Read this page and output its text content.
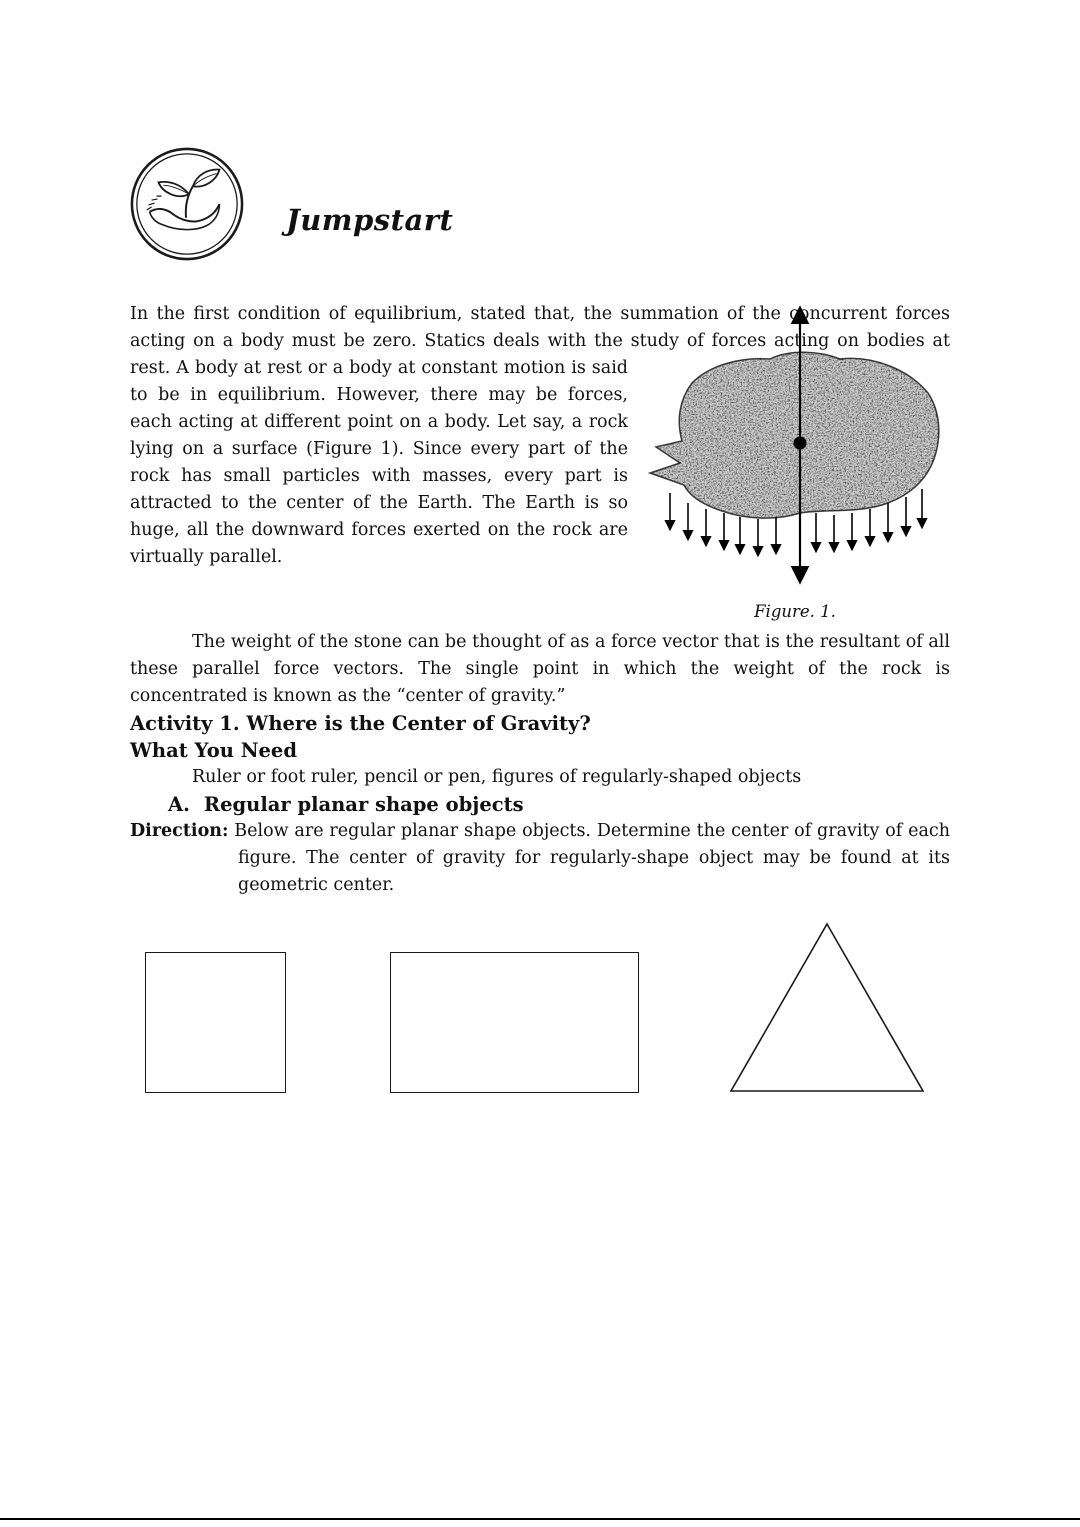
Jumpstart

Figure. 1.
In the first condition of equilibrium, stated that, the summation of the concurrent forces acting on a body must be zero. Statics deals with the study of forces acting on bodies at rest. A body at rest or a body at constant motion is said to be in equilibrium. However, there may be forces, each acting at different point on a body. Let say, a rock lying on a surface (Figure 1). Since every part of the rock has small particles with masses, every part is attracted to the center of the Earth. The Earth is so huge, all the downward forces exerted on the rock are virtually parallel.

The weight of the stone can be thought of as a force vector that is the resultant of all these parallel force vectors. The single point in which the weight of the rock is concentrated is known as the “center of gravity.”

Activity 1. Where is the Center of Gravity?
What You Need

Ruler or foot ruler, pencil or pen, figures of regularly-shaped objects

A. Regular planar shape objects

Direction: Below are regular planar shape objects. Determine the center of gravity of each figure. The center of gravity for regularly-shape object may be found at its geometric center.
